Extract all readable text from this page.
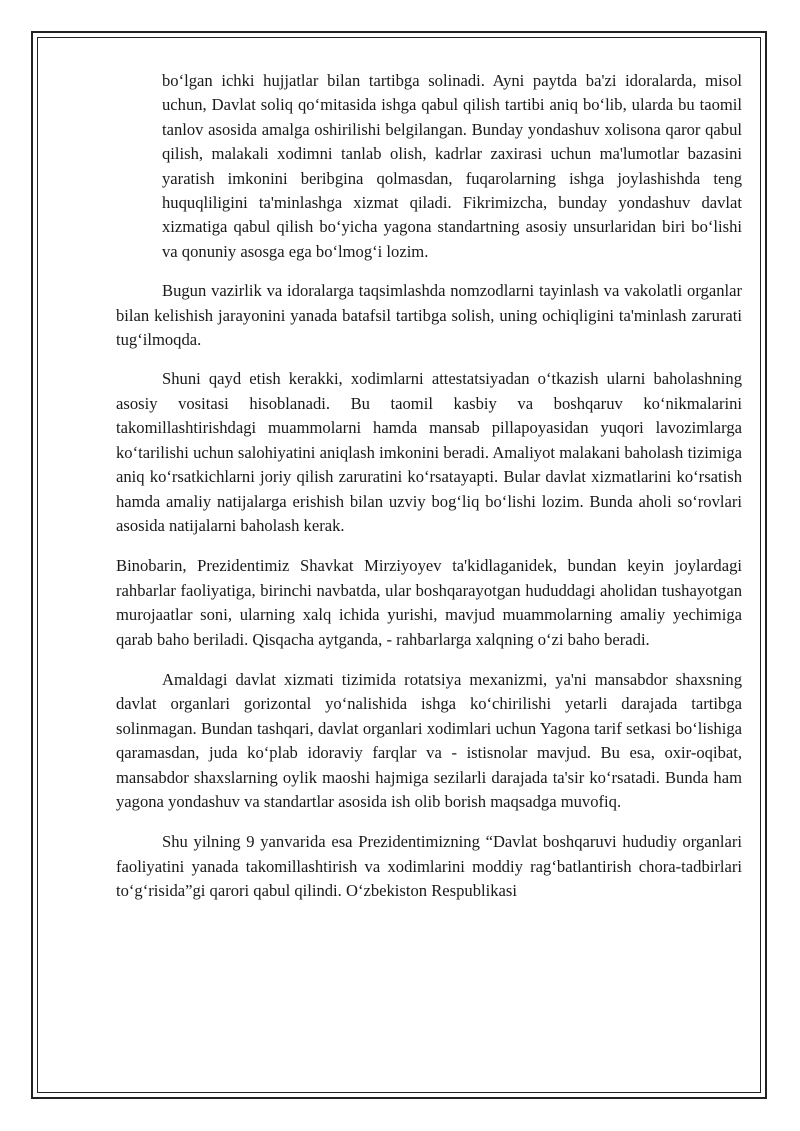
bo‘lgan ichki hujjatlar bilan tartibga solinadi. Ayni paytda ba'zi idoralarda, misol uchun, Davlat soliq qo‘mitasida ishga qabul qilish tartibi aniq bo‘lib, ularda bu taomil tanlov asosida amalga oshirilishi belgilangan. Bunday yondashuv xolisona qaror qabul qilish, malakali xodimni tanlab olish, kadrlar zaxirasi uchun ma'lumotlar bazasini yaratish imkonini beribgina qolmasdan, fuqarolarning ishga joylashishda teng huquqliligini ta'minlashga xizmat qiladi. Fikrimizcha, bunday yondashuv davlat xizmatiga qabul qilish bo‘yicha yagona standartning asosiy unsurlaridan biri bo‘lishi va qonuniy asosga ega bo‘lmog‘i lozim.

Bugun vazirlik va idoralarga taqsimlashda nomzodlarni tayinlash va vakolatli organlar bilan kelishish jarayonini yanada batafsil tartibga solish, uning ochiqligini ta'minlash zarurati tug‘ilmoqda.

Shuni qayd etish kerakki, xodimlarni attestatsiyadan o‘tkazish ularni baholashning asosiy vositasi hisoblanadi. Bu taomil kasbiy va boshqaruv ko‘nikmalarini takomillashtirishdagi muammolarni hamda mansab pillapoyasidan yuqori lavozimlarga ko‘tarilishi uchun salohiyatini aniqlash imkonini beradi. Amaliyot malakani baholash tizimiga aniq ko‘rsatkichlarni joriy qilish zaruratini ko‘rsatayapti. Bular davlat xizmatlarini ko‘rsatish hamda amaliy natijalarga erishish bilan uzviy bog‘liq bo‘lishi lozim. Bunda aholi so‘rovlari asosida natijalarni baholash kerak.

Binobarin, Prezidentimiz Shavkat Mirziyoyev ta'kidlaganidek, bundan keyin joylardagi rahbarlar faoliyatiga, birinchi navbatda, ular boshqarayotgan hududdagi aholidan tushayotgan murojaatlar soni, ularning xalq ichida yurishi, mavjud muammolarning amaliy yechimiga qarab baho beriladi. Qisqacha aytganda, - rahbarlarga xalqning o‘zi baho beradi.

Amaldagi davlat xizmati tizimida rotatsiya mexanizmi, ya'ni mansabdor shaxsning davlat organlari gorizontal yo‘nalishida ishga ko‘chirilishi yetarli darajada tartibga solinmagan. Bundan tashqari, davlat organlari xodimlari uchun Yagona tarif setkasi bo‘lishiga qaramasdan, juda ko‘plab idoraviy farqlar va - istisnolar mavjud. Bu esa, oxir-oqibat, mansabdor shaxslarning oylik maoshi hajmiga sezilarli darajada ta'sir ko‘rsatadi. Bunda ham yagona yondashuv va standartlar asosida ish olib borish maqsadga muvofiq.

Shu yilning 9 yanvarida esa Prezidentimizning “Davlat boshqaruvi hududiy organlari faoliyatini yanada takomillashtirish va xodimlarini moddiy rag‘batlantirish chora-tadbirlari to‘g‘risida”gi qarori qabul qilindi. O‘zbekiston Respublikasi
